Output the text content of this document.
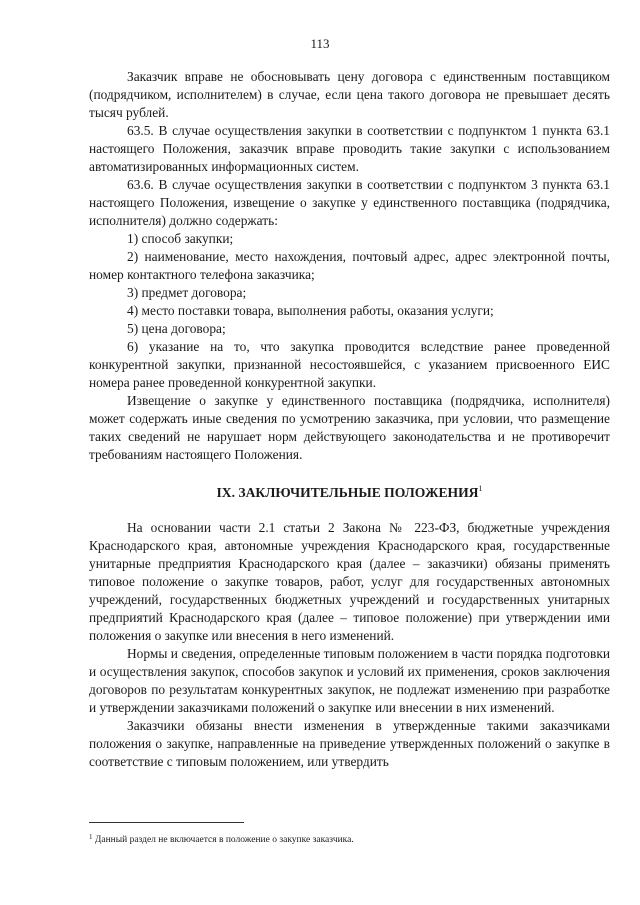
113

Заказчик вправе не обосновывать цену договора с единственным поставщиком (подрядчиком, исполнителем) в случае, если цена такого договора не превышает десять тысяч рублей.

63.5. В случае осуществления закупки в соответствии с подпунктом 1 пункта 63.1 настоящего Положения, заказчик вправе проводить такие закупки с использованием автоматизированных информационных систем.

63.6. В случае осуществления закупки в соответствии с подпунктом 3 пункта 63.1 настоящего Положения, извещение о закупке у единственного поставщика (подрядчика, исполнителя) должно содержать:

1) способ закупки;

2) наименование, место нахождения, почтовый адрес, адрес электронной почты, номер контактного телефона заказчика;

3) предмет договора;

4) место поставки товара, выполнения работы, оказания услуги;

5) цена договора;

6) указание на то, что закупка проводится вследствие ранее проведенной конкурентной закупки, признанной несостоявшейся, с указанием присвоенного ЕИС номера ранее проведенной конкурентной закупки.

Извещение о закупке у единственного поставщика (подрядчика, исполнителя) может содержать иные сведения по усмотрению заказчика, при условии, что размещение таких сведений не нарушает норм действующего законодательства и не противоречит требованиям настоящего Положения.

IX. ЗАКЛЮЧИТЕЛЬНЫЕ ПОЛОЖЕНИЯ$^1$

На основании части 2.1 статьи 2 Закона № 223-ФЗ, бюджетные учреждения Краснодарского края, автономные учреждения Краснодарского края, государственные унитарные предприятия Краснодарского края (далее – заказчики) обязаны применять типовое положение о закупке товаров, работ, услуг для государственных автономных учреждений, государственных бюджетных учреждений и государственных унитарных предприятий Краснодарского края (далее – типовое положение) при утверждении ими положения о закупке или внесения в него изменений.

Нормы и сведения, определенные типовым положением в части порядка подготовки и осуществления закупок, способов закупок и условий их применения, сроков заключения договоров по результатам конкурентных закупок, не подлежат изменению при разработке и утверждении заказчиками положений о закупке или внесении в них изменений.

Заказчики обязаны внести изменения в утвержденные такими заказчиками положения о закупке, направленные на приведение утвержденных положений о закупке в соответствие с типовым положением, или утвердить

$^1$ Данный раздел не включается в положение о закупке заказчика.
